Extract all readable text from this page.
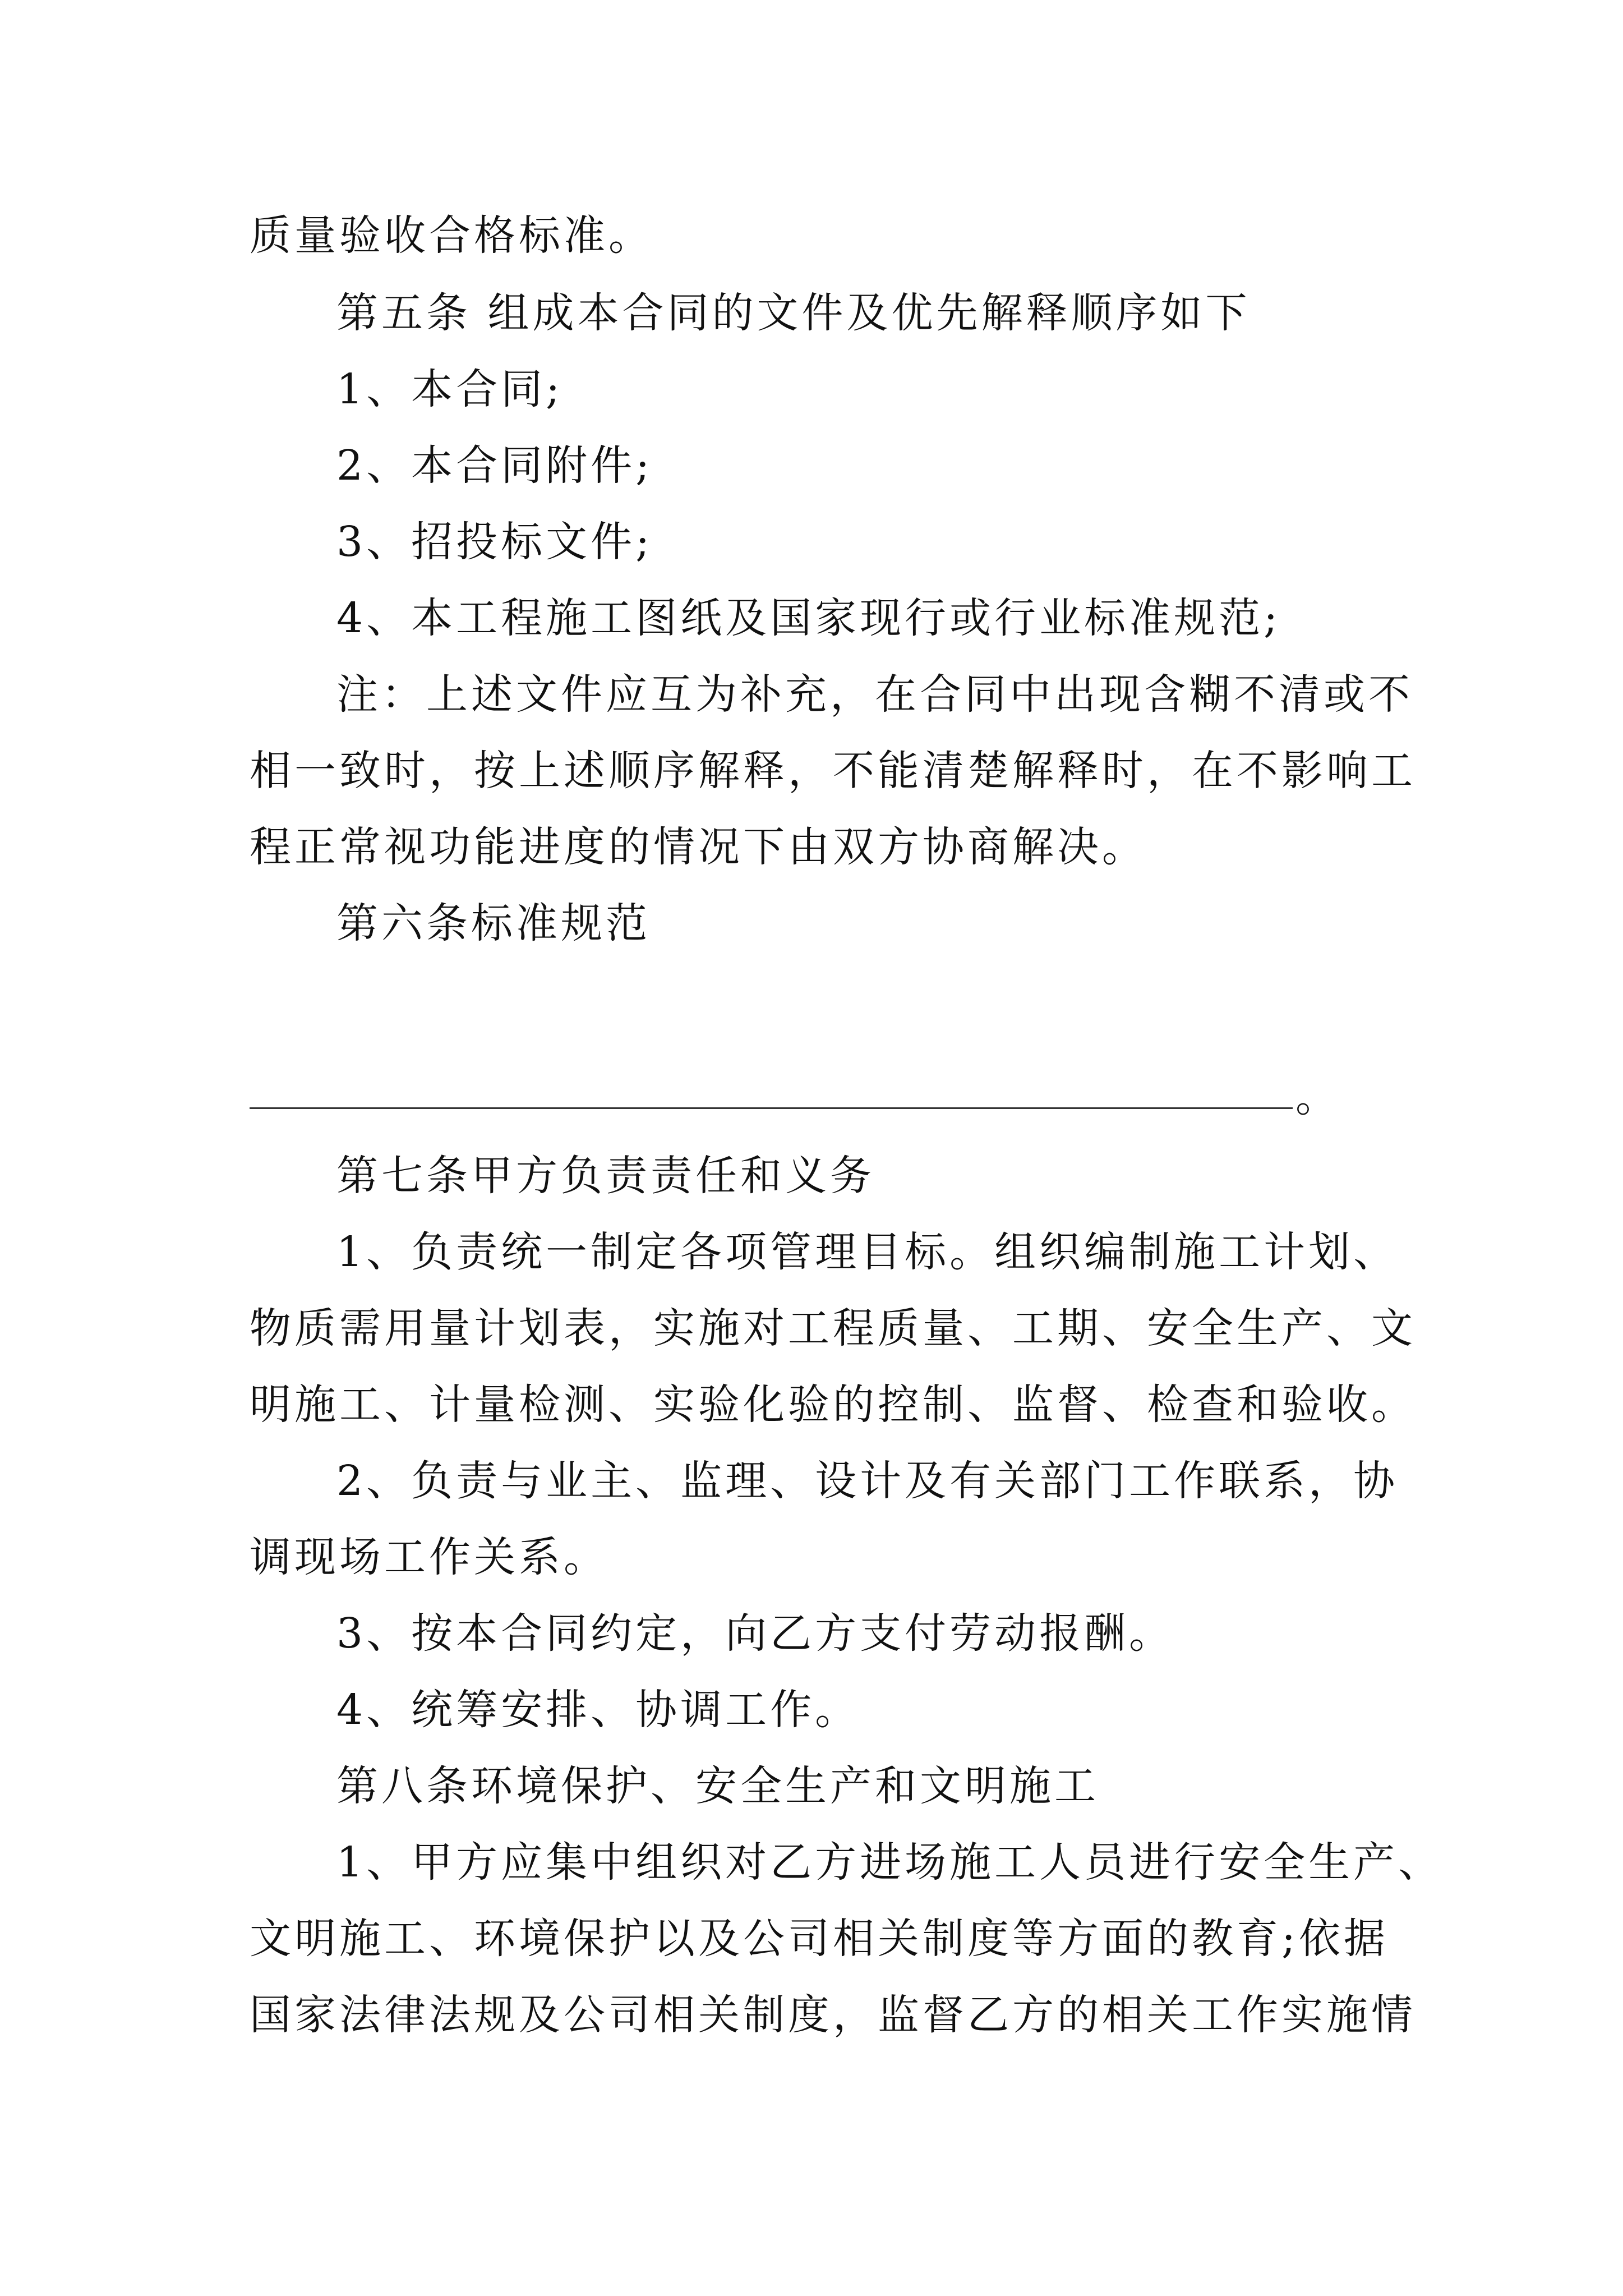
质量验收合格标准。
第五条 组成本合同的文件及优先解释顺序如下
1、本合同;
2、本合同附件;
3、招投标文件;
4、本工程施工图纸及国家现行或行业标准规范;
注：上述文件应互为补充，在合同中出现含糊不清或不
相一致时，按上述顺序解释，不能清楚解释时，在不影响工
程正常视功能进度的情况下由双方协商解决。
第六条标准规范
。
第七条甲方负责责任和义务
1、负责统一制定各项管理目标。组织编制施工计划、
物质需用量计划表，实施对工程质量、工期、安全生产、文
明施工、计量检测、实验化验的控制、监督、检查和验收。
2、负责与业主、监理、设计及有关部门工作联系，协
调现场工作关系。
3、按本合同约定，向乙方支付劳动报酬。
4、统筹安排、协调工作。
第八条环境保护、安全生产和文明施工
1、甲方应集中组织对乙方进场施工人员进行安全生产、
文明施工、环境保护以及公司相关制度等方面的教育;依据
国家法律法规及公司相关制度，监督乙方的相关工作实施情
